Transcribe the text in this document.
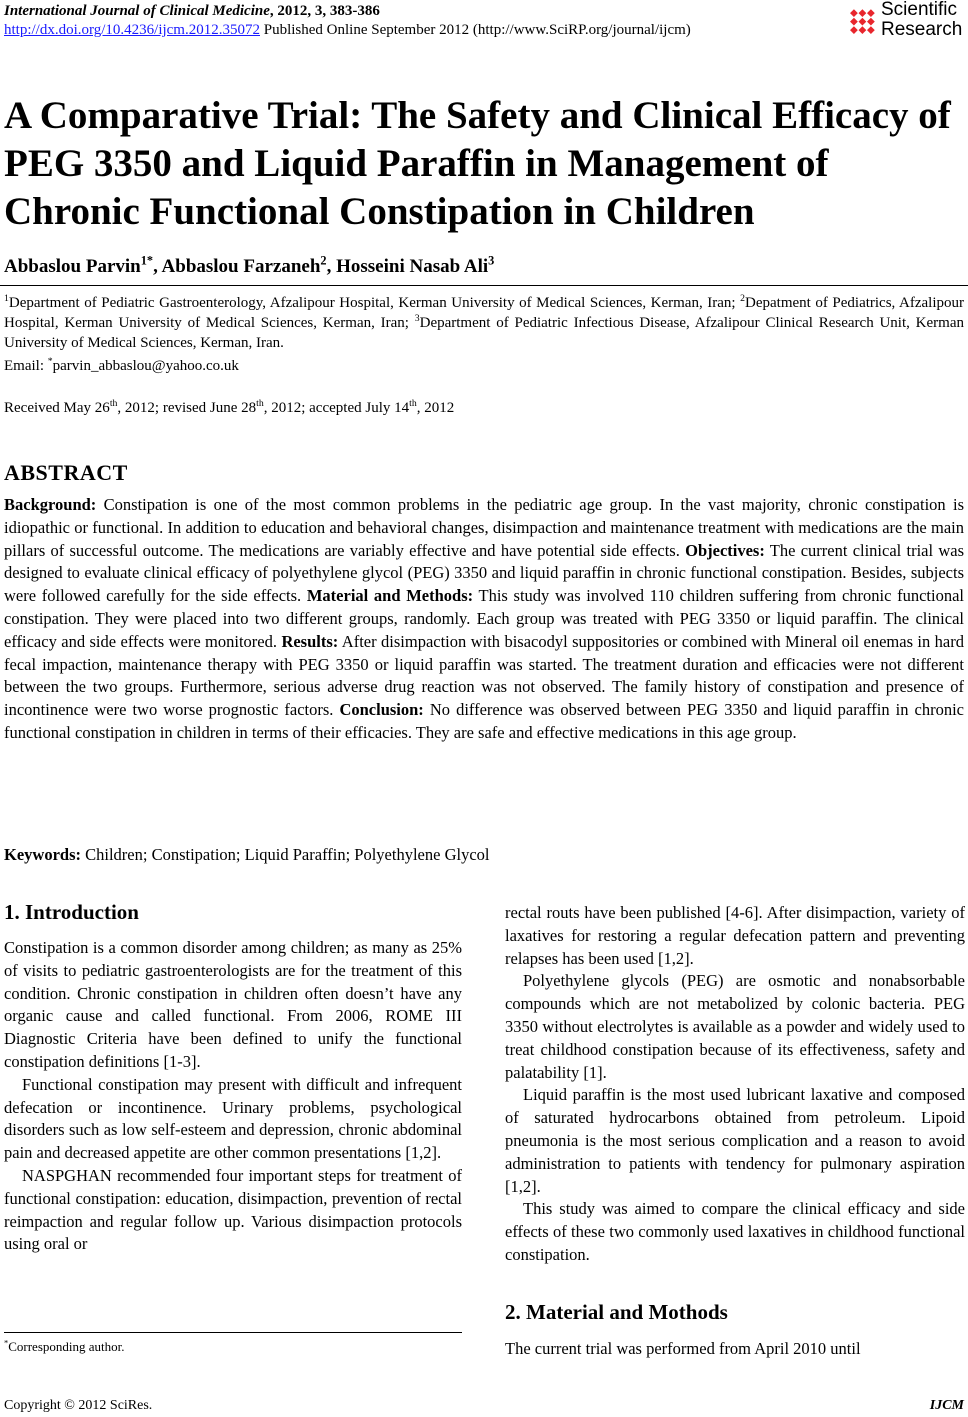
International Journal of Clinical Medicine, 2012, 3, 383-386
http://dx.doi.org/10.4236/ijcm.2012.35072 Published Online September 2012 (http://www.SciRP.org/journal/ijcm)
Scientific
Research
A Comparative Trial: The Safety and Clinical Efficacy of PEG 3350 and Liquid Paraffin in Management of Chronic Functional Constipation in Children
Abbaslou Parvin$^{1*}$, Abbaslou Farzaneh$^2$, Hosseini Nasab Ali$^3$
$^1$Department of Pediatric Gastroenterology, Afzalipour Hospital, Kerman University of Medical Sciences, Kerman, Iran; $^2$Depatment of Pediatrics, Afzalipour Hospital, Kerman University of Medical Sciences, Kerman, Iran; $^3$Department of Pediatric Infectious Disease, Afzalipour Clinical Research Unit, Kerman University of Medical Sciences, Kerman, Iran.
Email: *parvin_abbaslou@yahoo.co.uk
Received May 26th, 2012; revised June 28th, 2012; accepted July 14th, 2012
ABSTRACT
Background: Constipation is one of the most common problems in the pediatric age group. In the vast majority, chronic constipation is idiopathic or functional. In addition to education and behavioral changes, disimpaction and maintenance treatment with medications are the main pillars of successful outcome. The medications are variably effective and have potential side effects. Objectives: The current clinical trial was designed to evaluate clinical efficacy of polyethylene glycol (PEG) 3350 and liquid paraffin in chronic functional constipation. Besides, subjects were followed carefully for the side effects. Material and Methods: This study was involved 110 children suffering from chronic functional constipation. They were placed into two different groups, randomly. Each group was treated with PEG 3350 or liquid paraffin. The clinical efficacy and side effects were monitored. Results: After disimpaction with bisacodyl suppositories or combined with Mineral oil enemas in hard fecal impaction, maintenance therapy with PEG 3350 or liquid paraffin was started. The treatment duration and efficacies were not different between the two groups. Furthermore, serious adverse drug reaction was not observed. The family history of constipation and presence of incontinence were two worse prognostic factors. Conclusion: No difference was observed between PEG 3350 and liquid paraffin in chronic functional constipation in children in terms of their efficacies. They are safe and effective medications in this age group.
Keywords: Children; Constipation; Liquid Paraffin; Polyethylene Glycol
1. Introduction

Constipation is a common disorder among children; as many as 25% of visits to pediatric gastroenterologists are for the treatment of this condition. Chronic constipation in children often doesn’t have any organic cause and called functional. From 2006, ROME III Diagnostic Criteria have been defined to unify the functional constipation definitions [1-3].

Functional constipation may present with difficult and infrequent defecation or incontinence. Urinary problems, psychological disorders such as low self-esteem and depression, chronic abdominal pain and decreased appetite are other common presentations [1,2].

NASPGHAN recommended four important steps for treatment of functional constipation: education, disimpaction, prevention of rectal reimpaction and regular follow up. Various disimpaction protocols using oral or

rectal routs have been published [4-6]. After disimpaction, variety of laxatives for restoring a regular defecation pattern and preventing relapses has been used [1,2].

Polyethylene glycols (PEG) are osmotic and nonabsorbable compounds which are not metabolized by colonic bacteria. PEG 3350 without electrolytes is available as a powder and widely used to treat childhood constipation because of its effectiveness, safety and palatability [1].

Liquid paraffin is the most used lubricant laxative and composed of saturated hydrocarbons obtained from petroleum. Lipoid pneumonia is the most serious complication and a reason to avoid administration to patients with tendency for pulmonary aspiration [1,2].

This study was aimed to compare the clinical efficacy and side effects of these two commonly used laxatives in childhood functional constipation.

2. Material and Mothods

The current trial was performed from April 2010 until

*Corresponding author.
Copyright © 2012 SciRes.	IJCM
